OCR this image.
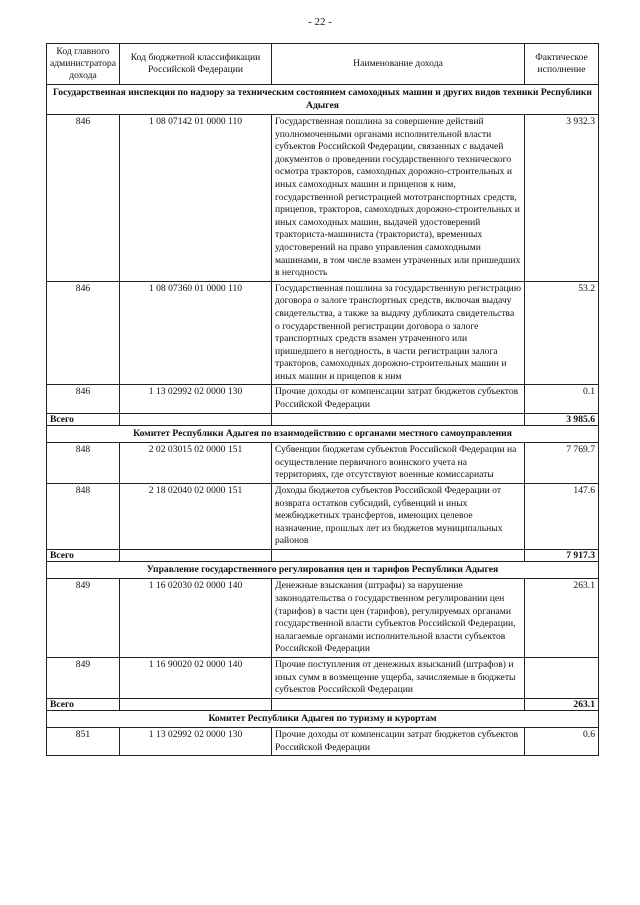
- 22 -
Код главного администратора дохода	Код бюджетной классификации Российской Федерации	Наименование дохода	Фактическое исполнение
Государственная инспекция по надзору за техническим состоянием самоходных машин и других видов техники Республики Адыгея			
846	1 08 07142 01 0000 110	Государственная пошлина за совершение действий уполномоченными органами исполнительной власти субъектов Российской Федерации, связанных с выдачей документов о проведении государственного технического осмотра тракторов, самоходных дорожно-строительных и иных самоходных машин и прицепов к ним, государственной регистрацией мототранспортных средств, прицепов, тракторов, самоходных дорожно-строительных и иных самоходных машин, выдачей удостоверений тракториста-машиниста (тракториста), временных удостоверений на право управления самоходными машинами, в том числе взамен утраченных или пришедших в негодность	3 932.3
846	1 08 07360 01 0000 110	Государственная пошлина за государственную регистрацию договора о залоге транспортных средств, включая выдачу свидетельства, а также за выдачу дубликата свидетельства о государственной регистрации договора о залоге транспортных средств взамен утраченного или пришедшего в негодность, в части регистрации залога тракторов, самоходных дорожно-строительных машин и иных машин и прицепов к ним	53.2
846	1 13 02992 02 0000 130	Прочие доходы от компенсации затрат бюджетов субъектов Российской Федерации	0.1
Всего			3 985.6
Комитет Республики Адыгея по взаимодействию с органами местного самоуправления			
848	2 02 03015 02 0000 151	Субвенции бюджетам субъектов Российской Федерации на осуществление первичного воинского учета на территориях, где отсутствуют военные комиссариаты	7 769.7
848	2 18 02040 02 0000 151	Доходы бюджетов субъектов Российской Федерации от возврата остатков субсидий, субвенций и иных межбюджетных трансфертов, имеющих целевое назначение, прошлых лет из бюджетов муниципальных районов	147.6
Всего			7 917.3
Управление государственного регулирования цен и тарифов Республики Адыгея			
849	1 16 02030 02 0000 140	Денежные взыскания (штрафы) за нарушение законодательства о государственном регулировании цен (тарифов) в части цен (тарифов), регулируемых органами государственной власти субъектов Российской Федерации, налагаемые органами исполнительной власти субъектов Российской Федерации	263.1
849	1 16 90020 02 0000 140	Прочие поступления от денежных взысканий (штрафов) и иных сумм в возмещение ущерба, зачисляемые в бюджеты субъектов Российской Федерации	
Всего			263.1
Комитет Республики Адыгея по туризму и курортам			
851	1 13 02992 02 0000 130	Прочие доходы от компенсации затрат бюджетов субъектов Российской Федерации	0.6
